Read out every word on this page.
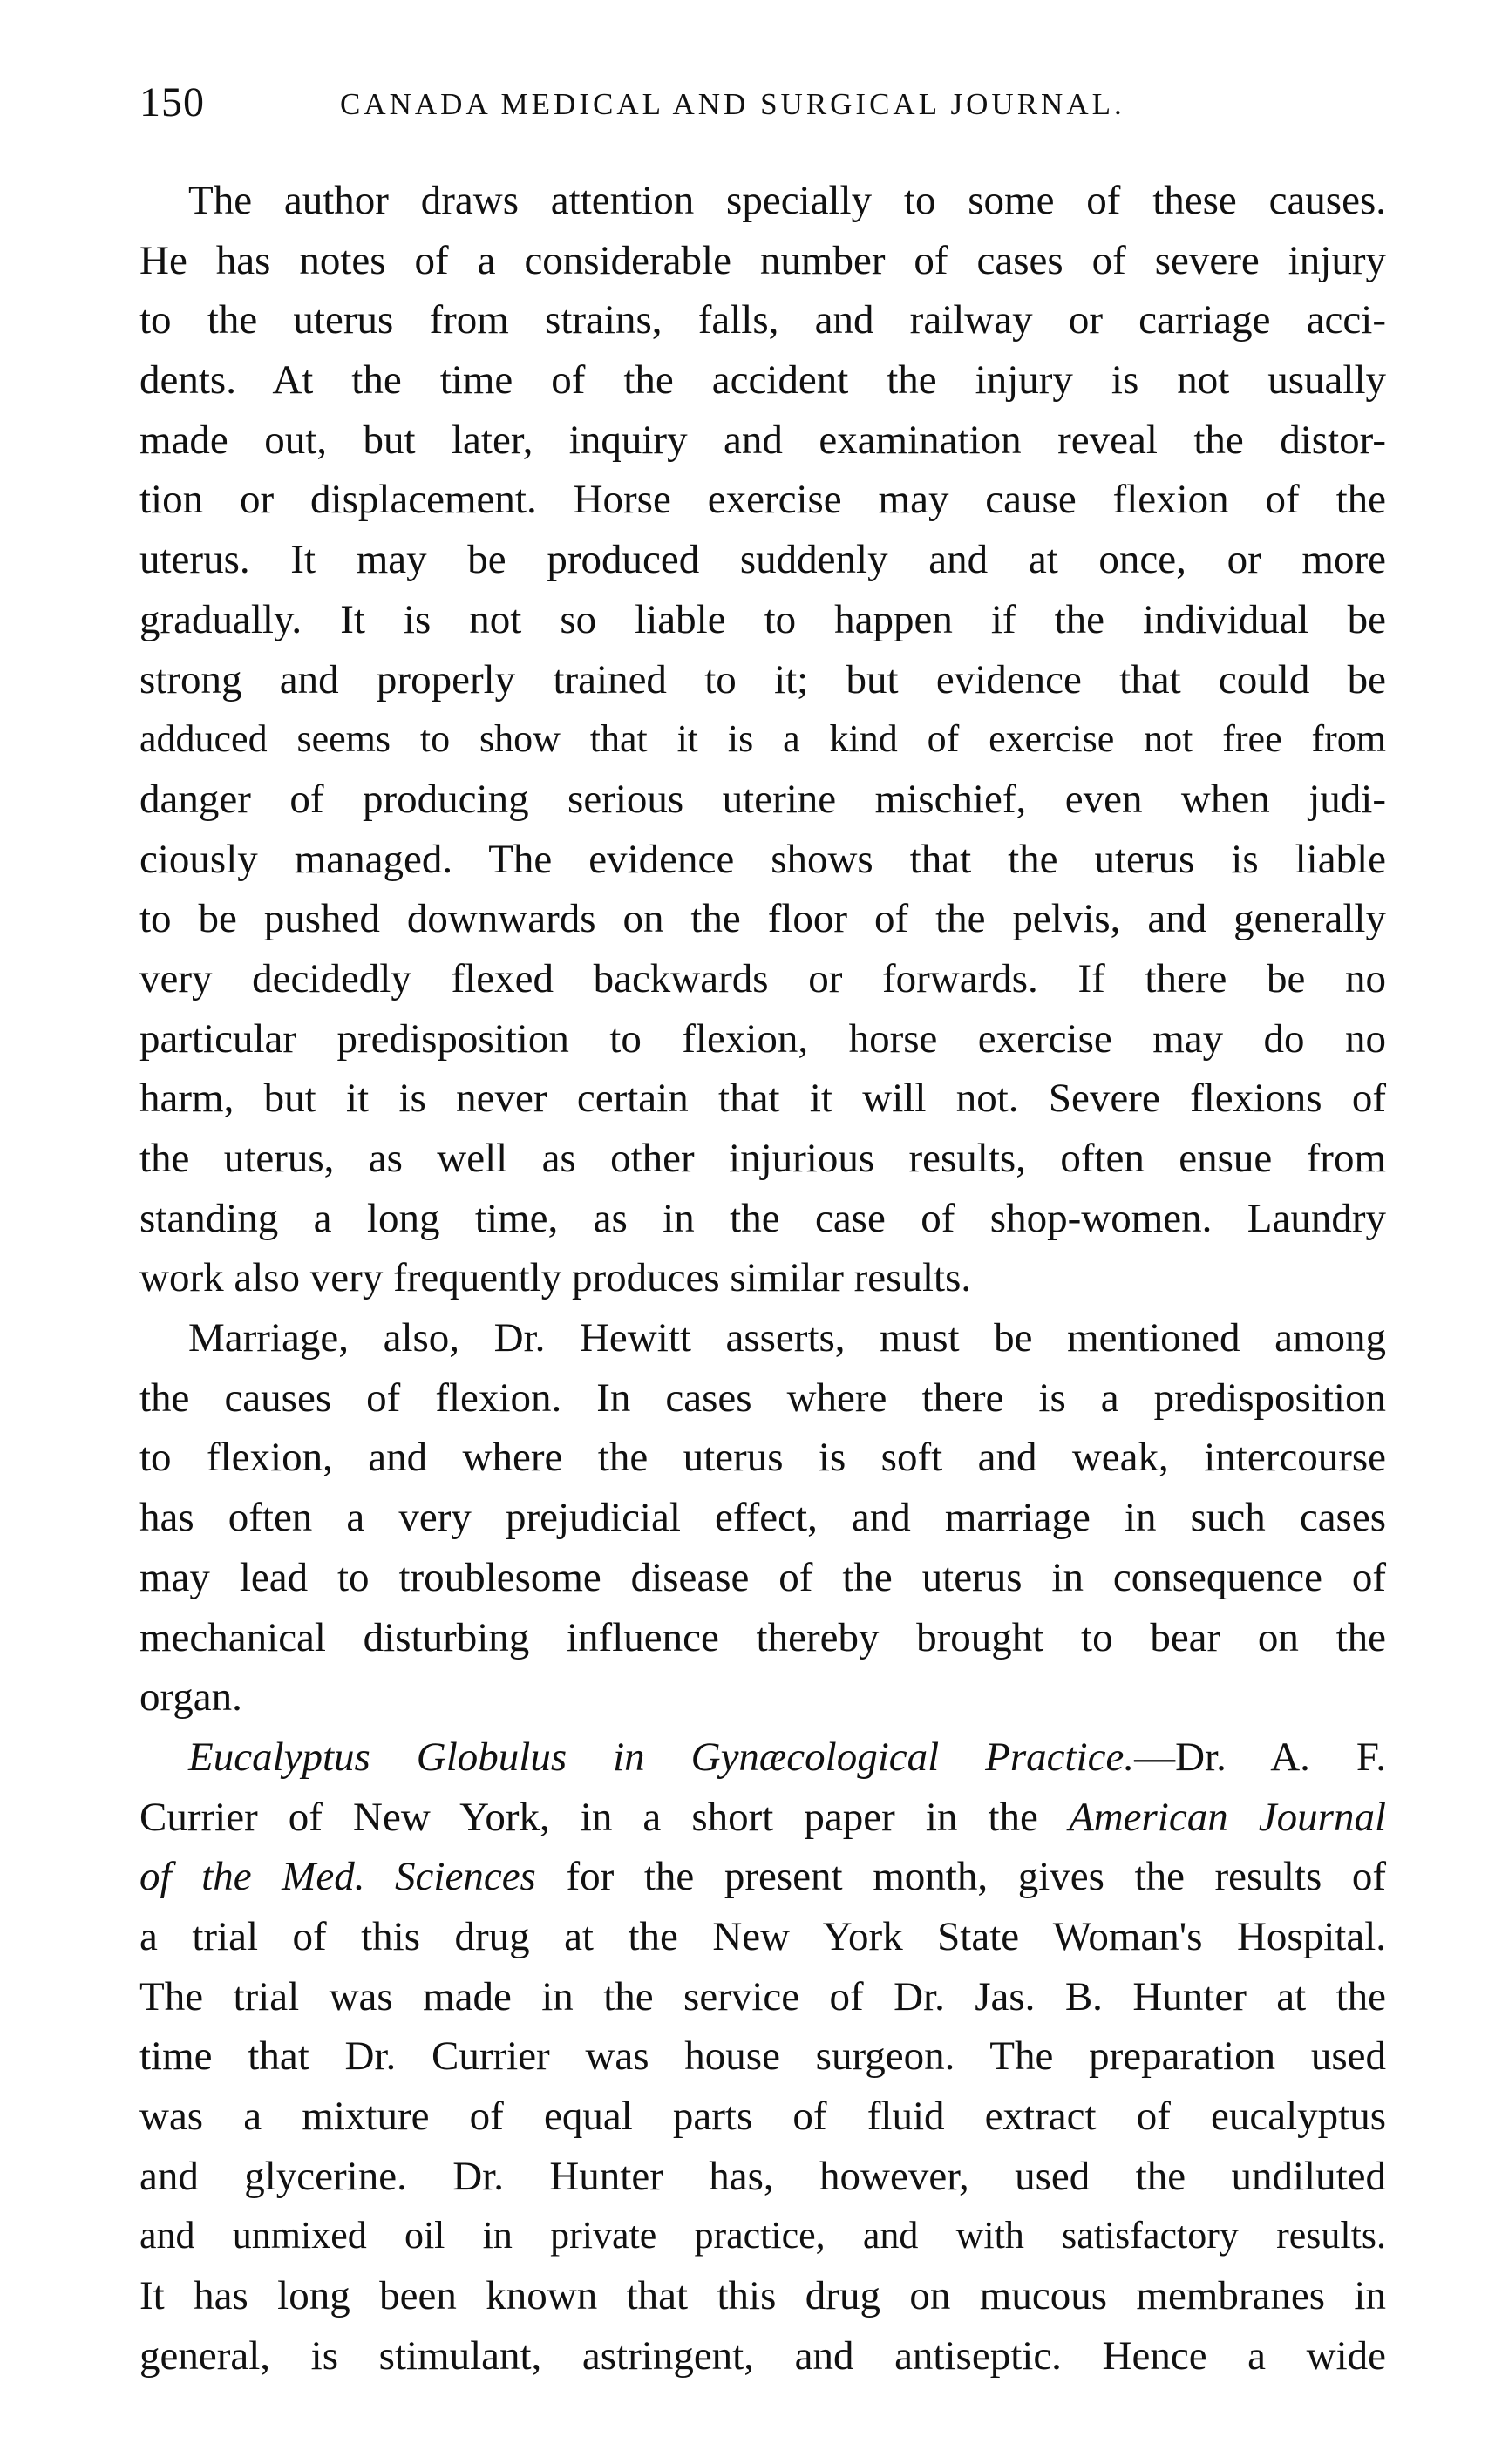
150	CANADA MEDICAL AND SURGICAL JOURNAL.
The author draws attention specially to some of these causes.
He has notes of a considerable number of cases of severe injury
to the uterus from strains, falls, and railway or carriage acci-
dents. At the time of the accident the injury is not usually
made out, but later, inquiry and examination reveal the distor-
tion or displacement. Horse exercise may cause flexion of the
uterus. It may be produced suddenly and at once, or more
gradually. It is not so liable to happen if the individual be
strong and properly trained to it; but evidence that could be
adduced seems to show that it is a kind of exercise not free from
danger of producing serious uterine mischief, even when judi-
ciously managed. The evidence shows that the uterus is liable
to be pushed downwards on the floor of the pelvis, and generally
very decidedly flexed backwards or forwards. If there be no
particular predisposition to flexion, horse exercise may do no
harm, but it is never certain that it will not. Severe flexions of
the uterus, as well as other injurious results, often ensue from
standing a long time, as in the case of shop-women. Laundry
work also very frequently produces similar results.
Marriage, also, Dr. Hewitt asserts, must be mentioned among
the causes of flexion. In cases where there is a predisposition
to flexion, and where the uterus is soft and weak, intercourse
has often a very prejudicial effect, and marriage in such cases
may lead to troublesome disease of the uterus in consequence of
mechanical disturbing influence thereby brought to bear on the
organ.
Eucalyptus Globulus in Gynæcological Practice.—Dr. A. F.
Currier of New York, in a short paper in the American Journal
of the Med. Sciences for the present month, gives the results of
a trial of this drug at the New York State Woman's Hospital.
The trial was made in the service of Dr. Jas. B. Hunter at the
time that Dr. Currier was house surgeon. The preparation used
was a mixture of equal parts of fluid extract of eucalyptus
and glycerine. Dr. Hunter has, however, used the undiluted
and unmixed oil in private practice, and with satisfactory results.
It has long been known that this drug on mucous membranes in
general, is stimulant, astringent, and antiseptic. Hence a wide
